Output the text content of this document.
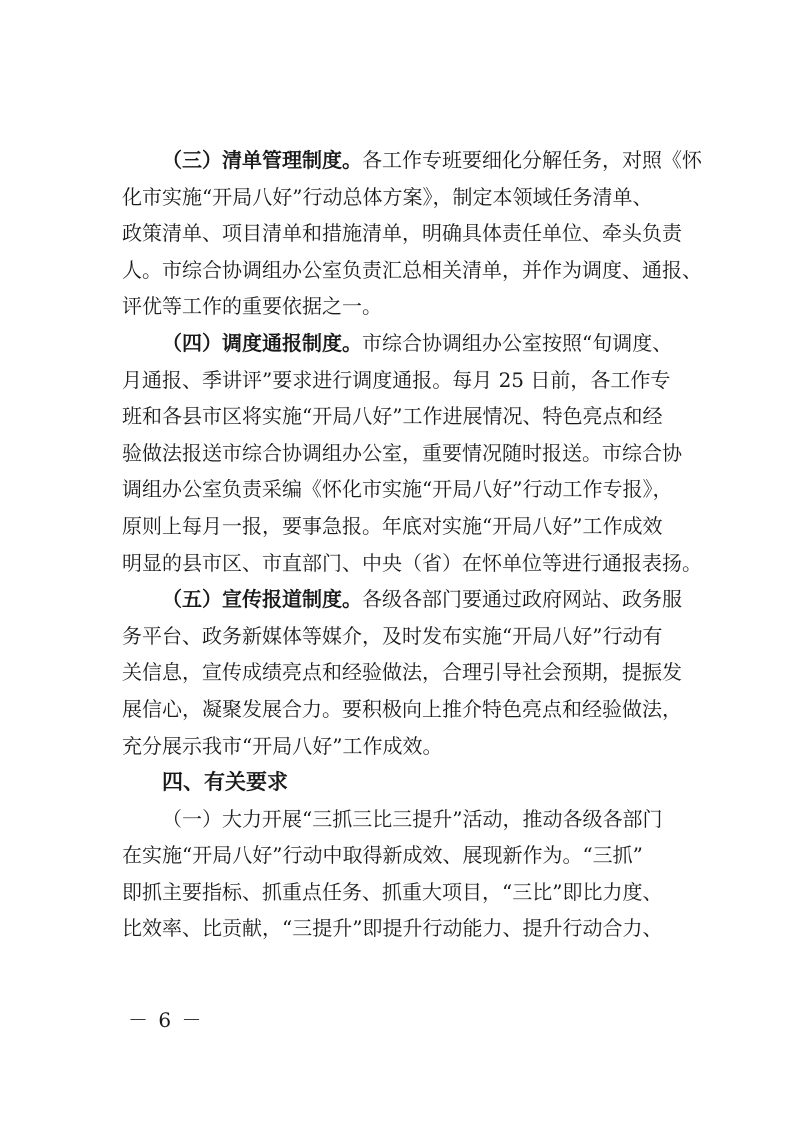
（三）清单管理制度。各工作专班要细化分解任务，对照《怀
化市实施“开局八好”行动总体方案》，制定本领域任务清单、
政策清单、项目清单和措施清单，明确具体责任单位、牵头负责
人。市综合协调组办公室负责汇总相关清单，并作为调度、通报、
评优等工作的重要依据之一。
（四）调度通报制度。市综合协调组办公室按照“旬调度、
月通报、季讲评”要求进行调度通报。每月 25 日前，各工作专
班和各县市区将实施“开局八好”工作进展情况、特色亮点和经
验做法报送市综合协调组办公室，重要情况随时报送。市综合协
调组办公室负责采编《怀化市实施“开局八好”行动工作专报》，
原则上每月一报，要事急报。年底对实施“开局八好”工作成效
明显的县市区、市直部门、中央（省）在怀单位等进行通报表扬。
（五）宣传报道制度。各级各部门要通过政府网站、政务服
务平台、政务新媒体等媒介，及时发布实施“开局八好”行动有
关信息，宣传成绩亮点和经验做法，合理引导社会预期，提振发
展信心，凝聚发展合力。要积极向上推介特色亮点和经验做法，
充分展示我市“开局八好”工作成效。
四、有关要求
（一）大力开展“三抓三比三提升”活动，推动各级各部门
在实施“开局八好”行动中取得新成效、展现新作为。“三抓”
即抓主要指标、抓重点任务、抓重大项目，“三比”即比力度、
比效率、比贡献，“三提升”即提升行动能力、提升行动合力、
－ 6 －
